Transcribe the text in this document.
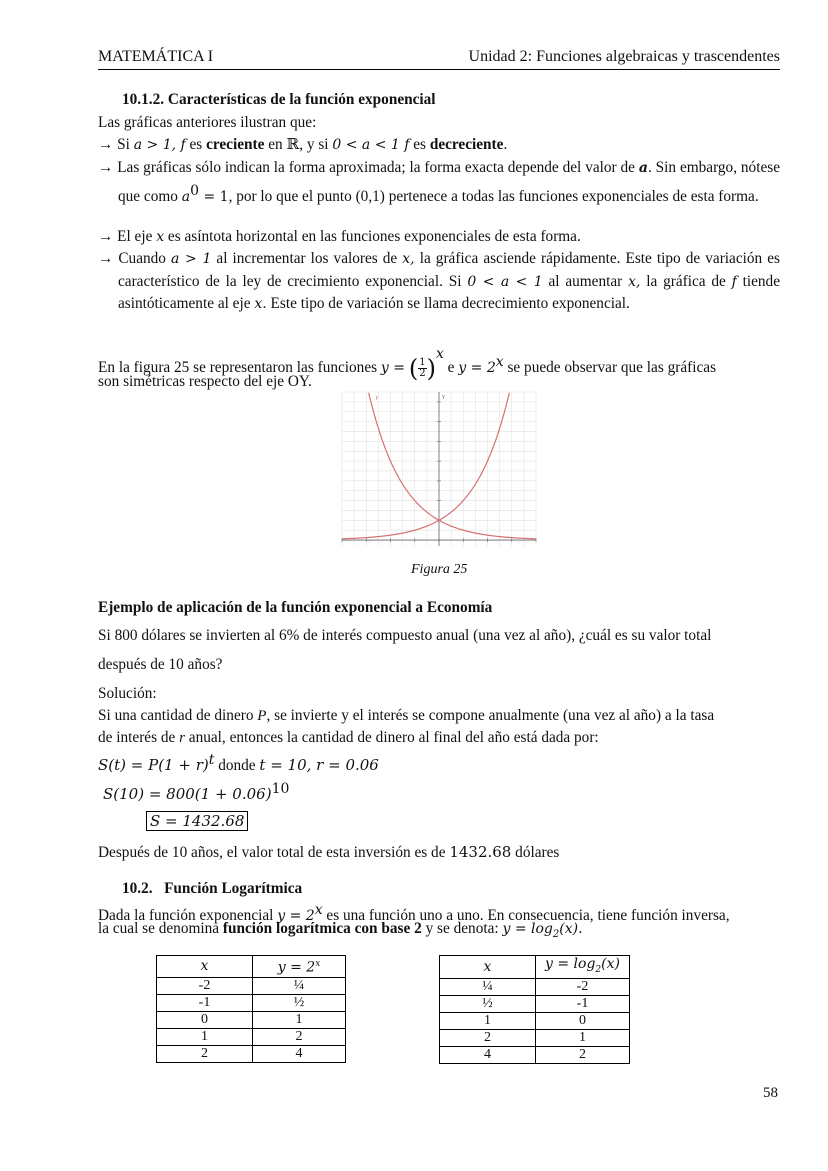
MATEMÁTICA I	Unidad 2: Funciones algebraicas y trascendentes
10.1.2. Características de la función exponencial
Las gráficas anteriores ilustran que:
→ Si a > 1, f es creciente en ℝ, y si 0 < a < 1 f es decreciente.
→ Las gráficas sólo indican la forma aproximada; la forma exacta depende del valor de a. Sin embargo, nótese que como $a^0 = 1$, por lo que el punto (0,1) pertenece a todas las funciones exponenciales de esta forma.
→ El eje x es asíntota horizontal en las funciones exponenciales de esta forma.
→ Cuando a > 1 al incrementar los valores de x, la gráfica asciende rápidamente. Este tipo de variación es característico de la ley de crecimiento exponencial. Si 0 < a < 1 al aumentar x, la gráfica de f tiende asintóticamente al eje x. Este tipo de variación se llama decrecimiento exponencial.
En la figura 25 se representaron las funciones y = ( $\frac{1}{2} )^x$ e $y = 2^x$ se puede observar que las gráficas
son simétricas respecto del eje OY.
y
f
Figura 25
Ejemplo de aplicación de la función exponencial a Economía
Si 800 dólares se invierten al 6% de interés compuesto anual (una vez al año), ¿cuál es su valor total
después de 10 años?
Solución:
Si una cantidad de dinero P, se invierte y el interés se compone anualmente (una vez al año) a la tasa
de interés de r anual, entonces la cantidad de dinero al final del año está dada por:
$S(t) = P(1 + r)^t$ donde t = 10, r = 0.06
$S(10) = 800(1 + 0.06)^{10}$
S = 1432.68
Después de 10 años, el valor total de esta inversión es de 1432.68 dólares
10.2.   Función Logarítmica
Dada la función exponencial $y = 2^x$ es una función uno a uno. En consecuencia, tiene función inversa,
la cual se denomina función logarítmica con base 2 y se denota: $y = \log_2(x)$.
x	$y = 2^x$
-2	¼
-1	½
0	1
1	2
2	4
x	$y = \log_2(x)$
¼	-2
½	-1
1	0
2	1
4	2
58
